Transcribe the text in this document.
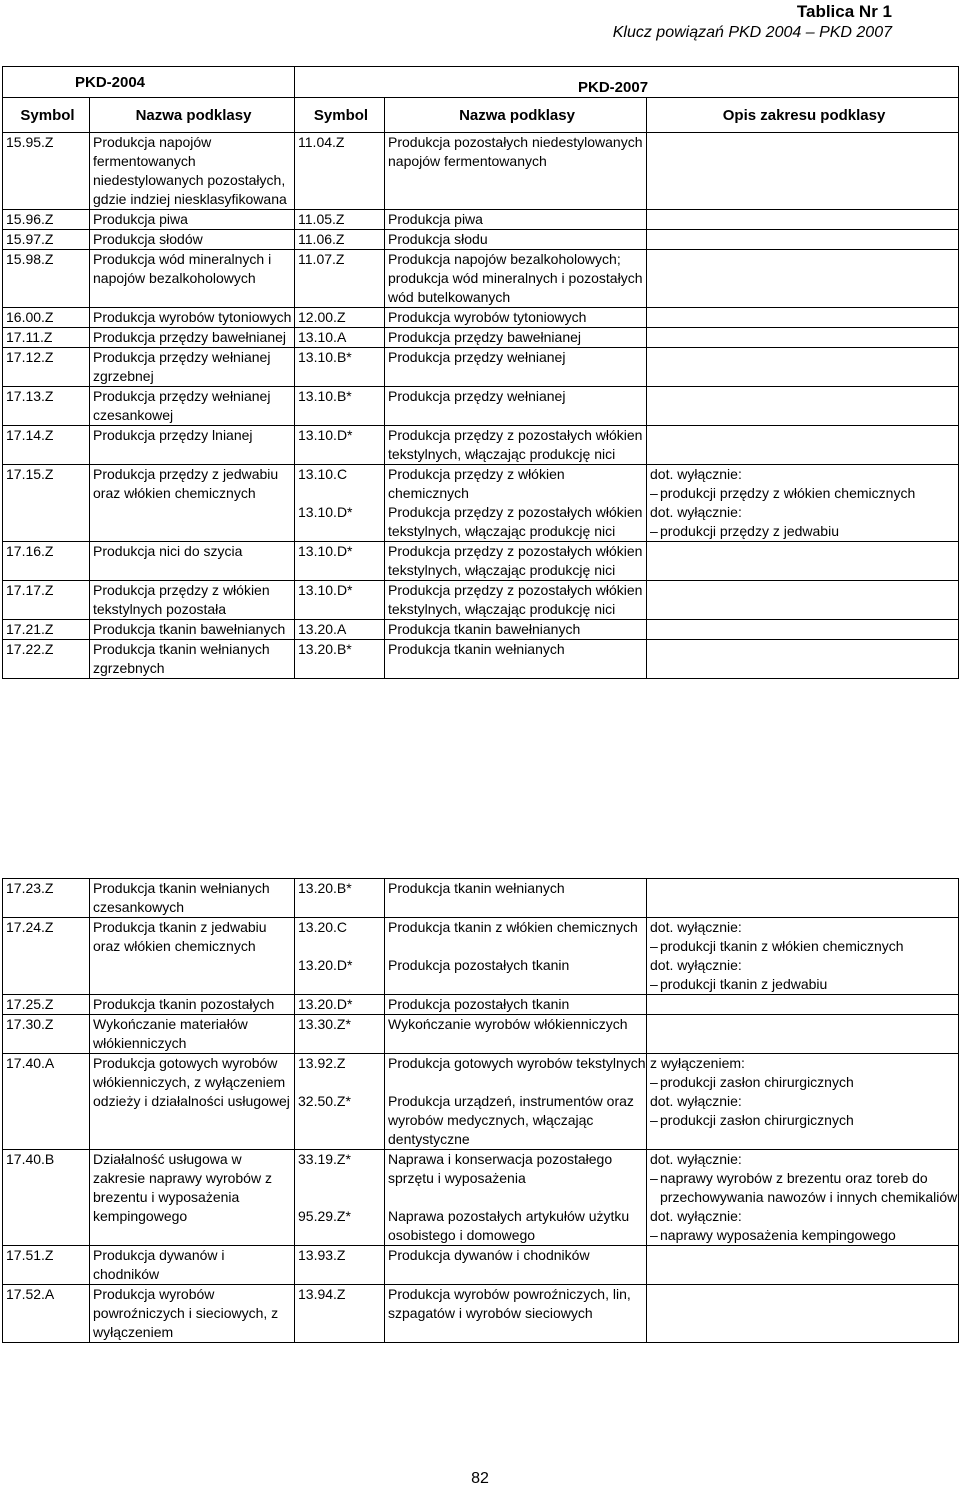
Tablica Nr 1
Klucz powiązań PKD 2004 – PKD 2007
PKD-2004		PKD-2007		
Symbol	Nazwa podklasy	Symbol	Nazwa podklasy	Opis zakresu podklasy
15.95.Z	Produkcja napojów fermentowanych niedestylowanych pozostałych, gdzie indziej niesklasyfikowana	11.04.Z	Produkcja pozostałych niedestylowanych napojów fermentowanych	
15.96.Z	Produkcja piwa	11.05.Z	Produkcja piwa	
15.97.Z	Produkcja słodów	11.06.Z	Produkcja słodu	
15.98.Z	Produkcja wód mineralnych i napojów bezalkoholowych	11.07.Z	Produkcja napojów bezalkoholowych; produkcja wód mineralnych i pozostałych wód butelkowanych	
16.00.Z	Produkcja wyrobów tytoniowych	12.00.Z	Produkcja wyrobów tytoniowych	
17.11.Z	Produkcja przędzy bawełnianej	13.10.A	Produkcja przędzy bawełnianej	
17.12.Z	Produkcja przędzy wełnianej zgrzebnej	13.10.B*	Produkcja przędzy wełnianej	
17.13.Z	Produkcja przędzy wełnianej czesankowej	13.10.B*	Produkcja przędzy wełnianej	
17.14.Z	Produkcja przędzy lnianej	13.10.D*	Produkcja przędzy z pozostałych włókien tekstylnych, włączając produkcję nici	
17.15.Z	Produkcja przędzy z jedwabiu oraz włókien chemicznych	13.10.C	Produkcja przędzy z włókien chemicznych	dot. wyłącznie:
– produkcji przędzy z włókien chemicznych

		13.10.D*	Produkcja przędzy z pozostałych włókien tekstylnych, włączając produkcję nici	dot. wyłącznie:
– produkcji przędzy z jedwabiu

17.16.Z	Produkcja nici do szycia	13.10.D*	Produkcja przędzy z pozostałych włókien tekstylnych, włączając produkcję nici	
17.17.Z	Produkcja przędzy z włókien tekstylnych pozostała	13.10.D*	Produkcja przędzy z pozostałych włókien tekstylnych, włączając produkcję nici	
17.21.Z	Produkcja tkanin bawełnianych	13.20.A	Produkcja tkanin bawełnianych	
17.22.Z	Produkcja tkanin wełnianych zgrzebnych	13.20.B*	Produkcja tkanin wełnianych	
17.23.Z	Produkcja tkanin wełnianych czesankowych	13.20.B*	Produkcja tkanin wełnianych	
17.24.Z	Produkcja tkanin z jedwabiu oraz włókien chemicznych	13.20.C	Produkcja tkanin z włókien chemicznych	dot. wyłącznie:
– produkcji tkanin z włókien chemicznych

		13.20.D*	Produkcja pozostałych tkanin	dot. wyłącznie:
– produkcji tkanin z jedwabiu

17.25.Z	Produkcja tkanin pozostałych	13.20.D*	Produkcja pozostałych tkanin	
17.30.Z	Wykończanie materiałów włókienniczych	13.30.Z*	Wykończanie wyrobów włókienniczych	
17.40.A	Produkcja gotowych wyrobów włókienniczych, z wyłączeniem odzieży i działalności usługowej	13.92.Z	Produkcja gotowych wyrobów tekstylnych	z wyłączeniem:
– produkcji zasłon chirurgicznych

		32.50.Z*	Produkcja urządzeń, instrumentów oraz wyrobów medycznych, włączając dentystyczne	dot. wyłącznie:
– produkcji zasłon chirurgicznych

17.40.B	Działalność usługowa w zakresie naprawy wyrobów z brezentu i wyposażenia kempingowego	33.19.Z*	Naprawa i konserwacja pozostałego sprzętu i wyposażenia	dot. wyłącznie:
– naprawy wyrobów z brezentu oraz toreb do przechowywania nawozów i innych chemikaliów

		95.29.Z*	Naprawa pozostałych artykułów użytku osobistego i domowego	dot. wyłącznie:
– naprawy wyposażenia kempingowego

17.51.Z	Produkcja dywanów i chodników	13.93.Z	Produkcja dywanów i chodników	
17.52.A	Produkcja wyrobów powroźniczych i sieciowych, z wyłączeniem	13.94.Z	Produkcja wyrobów powroźniczych, lin, szpagatów i wyrobów sieciowych	
82
